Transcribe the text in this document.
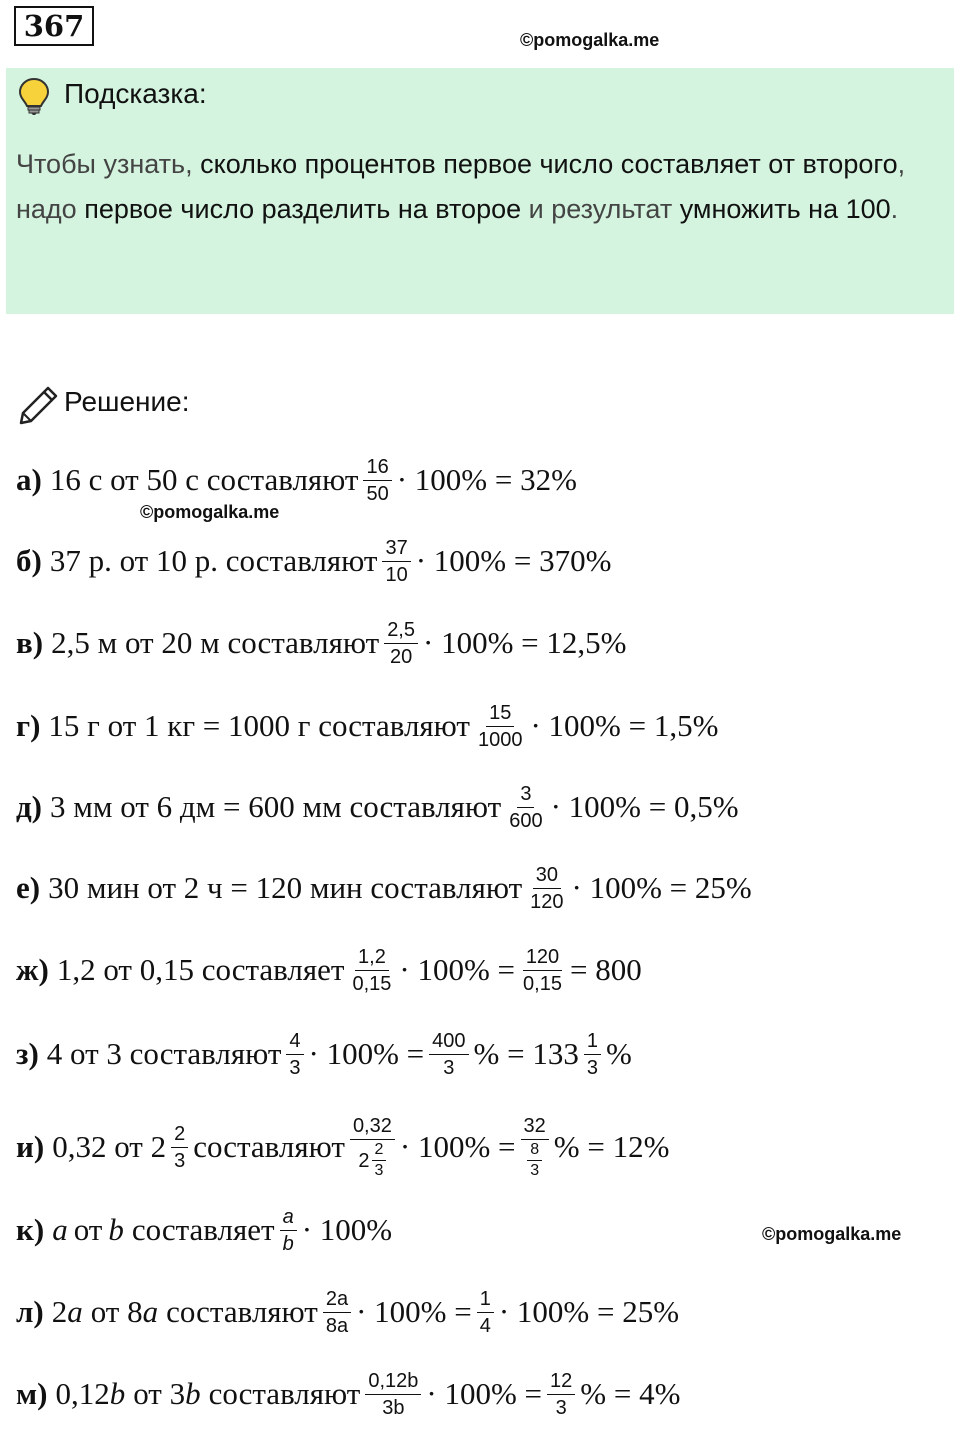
367	©pomogalka.me
Подсказка:
Чтобы узнать, сколько процентов первое число составляет от второго, надо первое число разделить на второе и результат умножить на 100.
Решение:
а) 16 с от 50 с составляют $\frac{16}{50} \cdot 100\% = 32\%$
©pomogalka.me
б) 37 р. от 10 р. составляют $\frac{37}{10} \cdot 100\% = 370\%$
в) 2,5 м от 20 м составляют $\frac{2,5}{20} \cdot 100\% = 12,5\%$
г) 15 г от 1 кг = 1000 г составляют $\frac{15}{1000} \cdot 100\% = 1,5\%$
д) 3 мм от 6 дм = 600 мм составляют $\frac{3}{600} \cdot 100\% = 0,5\%$
е) 30 мин от 2 ч = 120 мин составляют $\frac{30}{120} \cdot 100\% = 25\%$
ж) 1,2 от 0,15 составляет $\frac{1,2}{0,15} \cdot 100\% = \frac{120}{0,15} = 800$
з) 4 от 3 составляют $\frac{4}{3} \cdot 100\% = \frac{400}{3}$ % = $133 \frac{1}{3}$ %
и) 0,32 от $2 \frac{2}{3}$ составляют $\frac{0,32}{2 \frac{2}{3}} \cdot 100\% = \frac{32}{\frac{8}{3}}$ % = 12%
к) a от b составляет $\frac{a}{b} \cdot 100\%$	©pomogalka.me
л) 2 a от 8 a составляют $\frac{2a}{8a} \cdot 100\% = \frac{1}{4} \cdot 100\% = 25\%$
м) 0,12 b от 3 b составляют $\frac{0,12b}{3b} \cdot 100\% = \frac{12}{3}$ % = 4%
